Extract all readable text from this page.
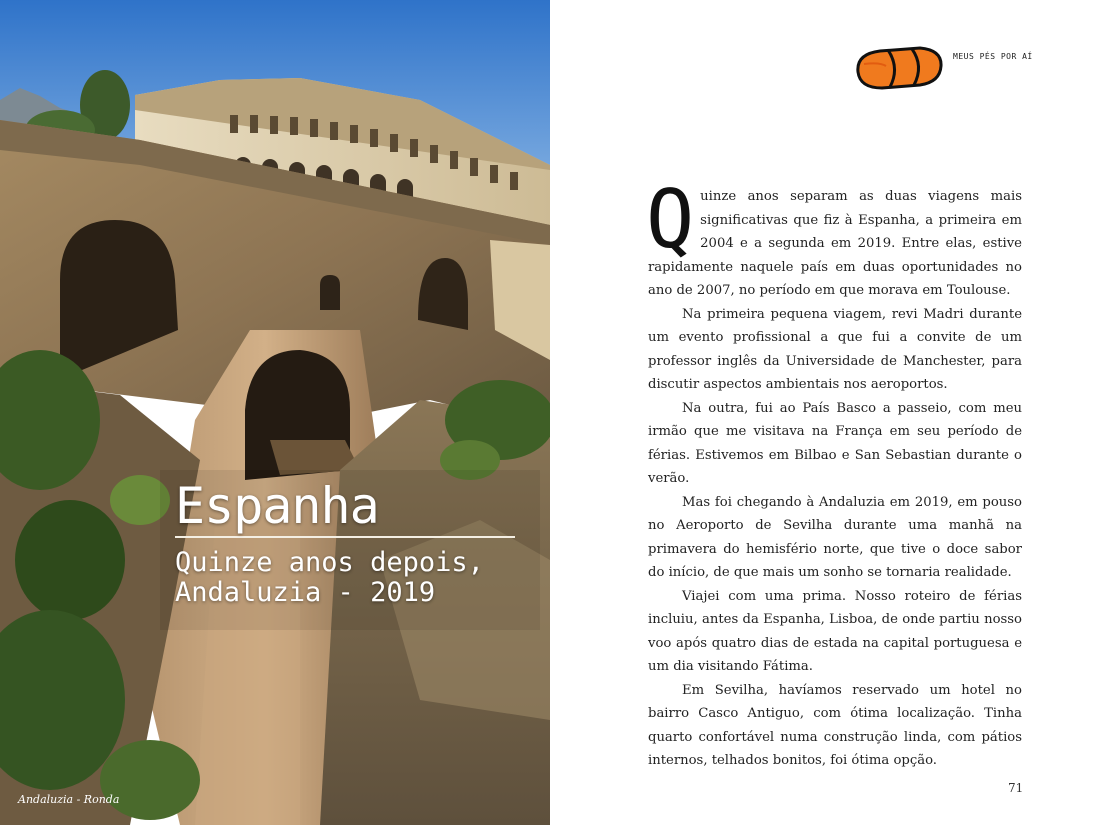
Espanha
Quinze anos depois,
Andaluzia - 2019
Andaluzia - Ronda
MEUS PÉS POR AÍ

Quinze anos separam as duas viagens mais significativas que fiz à Espanha, a primeira em 2004 e a segunda em 2019. Entre elas, estive rapidamente naquele país em duas oportunidades no ano de 2007, no período em que morava em Toulouse.

Na primeira pequena viagem, revi Madri durante um evento profissional a que fui a convite de um professor inglês da Universidade de Manchester, para discutir aspectos ambientais nos aeroportos.

Na outra, fui ao País Basco a passeio, com meu irmão que me visitava na França em seu período de férias. Estivemos em Bilbao e San Sebastian durante o verão.

Mas foi chegando à Andaluzia em 2019, em pouso no Aeroporto de Sevilha durante uma manhã na primavera do hemisfério norte, que tive o doce sabor do início, de que mais um sonho se tornaria realidade.

Viajei com uma prima. Nosso roteiro de férias incluiu, antes da Espanha, Lisboa, de onde partiu nosso voo após quatro dias de estada na capital portuguesa e um dia visitando Fátima.

Em Sevilha, havíamos reservado um hotel no bairro Casco Antiguo, com ótima localização. Tinha quarto confortável numa construção linda, com pátios internos, telhados bonitos, foi ótima opção.

71
